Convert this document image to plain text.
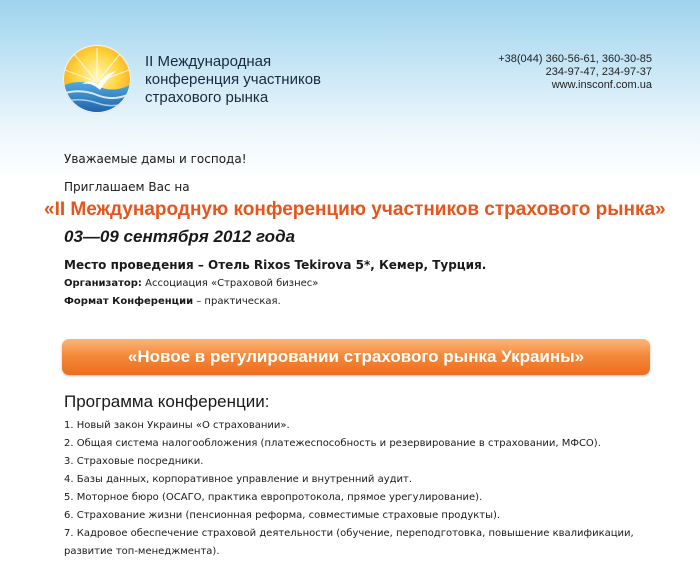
II Международная
конференция участников
страхового рынка
+38(044) 360-56-61, 360-30-85
234-97-47, 234-97-37
www.insconf.com.ua
Уважаемые дамы и господа!
Приглашаем Вас на
«II Международную конференцию участников страхового рынка»
03—09 сентября 2012 года
Место проведения – Отель Rixos Tekirova 5*, Кемер, Турция.
Организатор: Ассоциация «Страховой бизнес»
Формат Конференции – практическая.
«Новое в регулировании страхового рынка Украины»
Программа конференции:
1. Новый закон Украины «О страховании».
2. Общая система налогообложения (платежеспособность и резервирование в страховании, МФСО).
3. Страховые посредники.
4. Базы данных, корпоративное управление и внутренний аудит.
5. Моторное бюро (ОСАГО, практика европротокола, прямое урегулирование).
6. Страхование жизни (пенсионная реформа, совместимые страховые продукты).
7. Кадровое обеспечение страховой деятельности (обучение, переподготовка, повышение квалификации, развитие топ-менеджмента).
